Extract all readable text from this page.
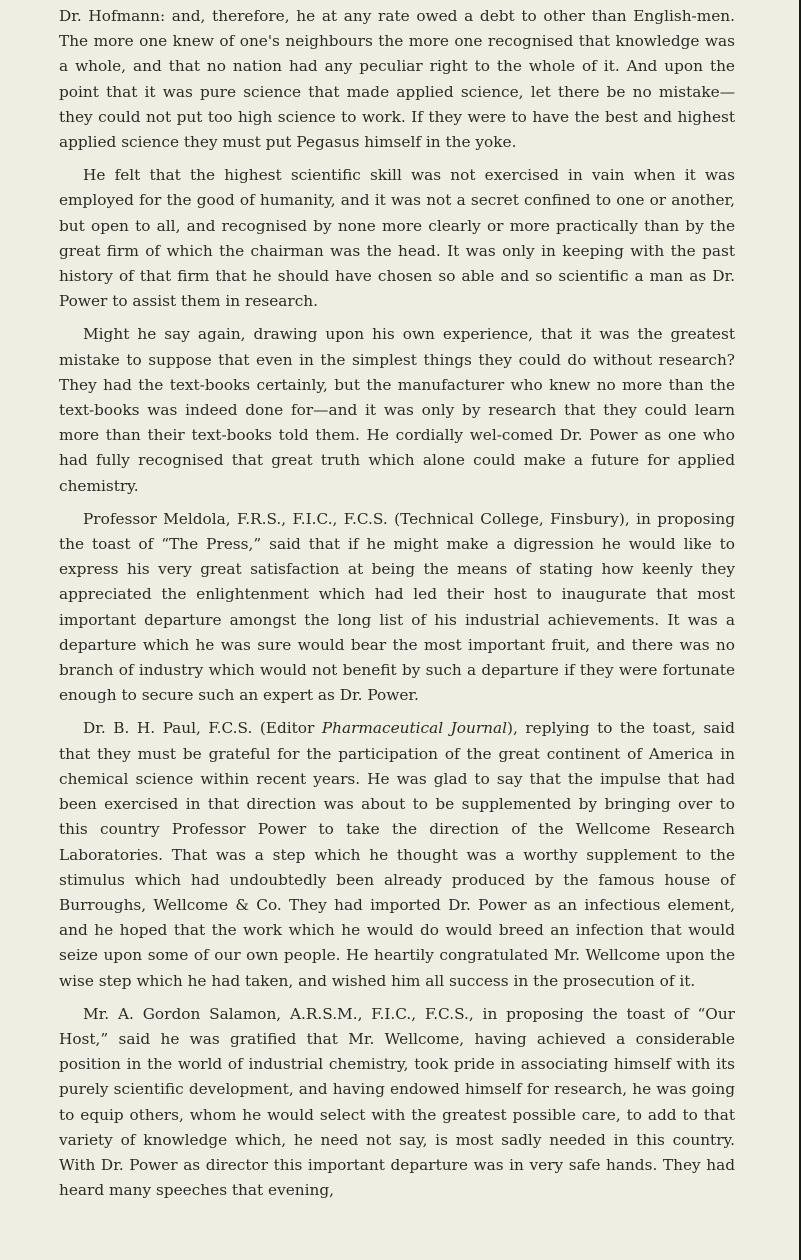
Dr. Hofmann: and, therefore, he at any rate owed a debt to other than English-men. The more one knew of one's neighbours the more one recognised that knowledge was a whole, and that no nation had any peculiar right to the whole of it. And upon the point that it was pure science that made applied science, let there be no mistake—they could not put too high science to work. If they were to have the best and highest applied science they must put Pegasus himself in the yoke.

He felt that the highest scientific skill was not exercised in vain when it was employed for the good of humanity, and it was not a secret confined to one or another, but open to all, and recognised by none more clearly or more practically than by the great firm of which the chairman was the head. It was only in keeping with the past history of that firm that he should have chosen so able and so scientific a man as Dr. Power to assist them in research.

Might he say again, drawing upon his own experience, that it was the greatest mistake to suppose that even in the simplest things they could do without research? They had the text-books certainly, but the manufacturer who knew no more than the text-books was indeed done for—and it was only by research that they could learn more than their text-books told them. He cordially wel-comed Dr. Power as one who had fully recognised that great truth which alone could make a future for applied chemistry.

Professor Meldola, F.R.S., F.I.C., F.C.S. (Technical College, Finsbury), in proposing the toast of “The Press,” said that if he might make a digression he would like to express his very great satisfaction at being the means of stating how keenly they appreciated the enlightenment which had led their host to inaugurate that most important departure amongst the long list of his industrial achievements. It was a departure which he was sure would bear the most important fruit, and there was no branch of industry which would not benefit by such a departure if they were fortunate enough to secure such an expert as Dr. Power.

Dr. B. H. Paul, F.C.S. (Editor Pharmaceutical Journal), replying to the toast, said that they must be grateful for the participation of the great continent of America in chemical science within recent years. He was glad to say that the impulse that had been exercised in that direction was about to be supplemented by bringing over to this country Professor Power to take the direction of the Wellcome Research Laboratories. That was a step which he thought was a worthy supplement to the stimulus which had undoubtedly been already produced by the famous house of Burroughs, Wellcome & Co. They had imported Dr. Power as an infectious element, and he hoped that the work which he would do would breed an infection that would seize upon some of our own people. He heartily congratulated Mr. Wellcome upon the wise step which he had taken, and wished him all success in the prosecution of it.

Mr. A. Gordon Salamon, A.R.S.M., F.I.C., F.C.S., in proposing the toast of “Our Host,” said he was gratified that Mr. Wellcome, having achieved a considerable position in the world of industrial chemistry, took pride in associating himself with its purely scientific development, and having endowed himself for research, he was going to equip others, whom he would select with the greatest possible care, to add to that variety of knowledge which, he need not say, is most sadly needed in this country. With Dr. Power as director this important departure was in very safe hands. They had heard many speeches that evening,
